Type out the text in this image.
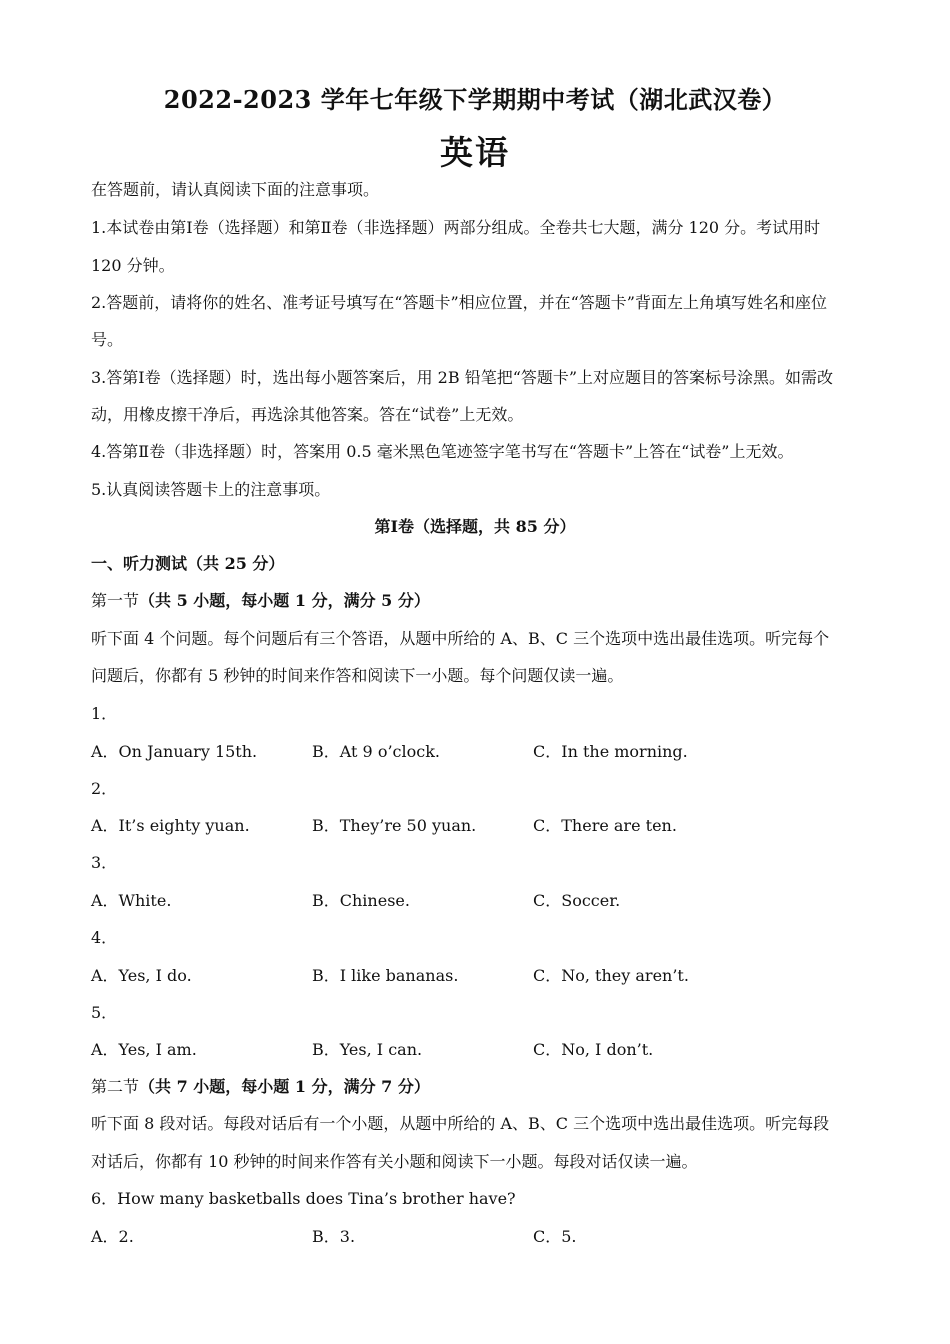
2022-2023 学年七年级下学期期中考试（湖北武汉卷）
英语
在答题前，请认真阅读下面的注意事项。
1.本试卷由第Ⅰ卷（选择题）和第Ⅱ卷（非选择题）两部分组成。全卷共七大题，满分 120 分。考试用时
120 分钟。
2.答题前，请将你的姓名、准考证号填写在“答题卡”相应位置，并在“答题卡”背面左上角填写姓名和座位
号。
3.答第Ⅰ卷（选择题）时，选出每小题答案后，用 2B 铅笔把“答题卡”上对应题目的答案标号涂黑。如需改
动，用橡皮擦干净后，再选涂其他答案。答在“试卷”上无效。
4.答第Ⅱ卷（非选择题）时，答案用 0.5 毫米黑色笔迹签字笔书写在“答题卡”上答在“试卷”上无效。
5.认真阅读答题卡上的注意事项。
第Ⅰ卷（选择题，共 85 分）
一、听力测试（共 25 分）
第一节（共 5 小题，每小题 1 分，满分 5 分）
听下面 4 个问题。每个问题后有三个答语，从题中所给的 A、B、C 三个选项中选出最佳选项。听完每个
问题后，你都有 5 秒钟的时间来作答和阅读下一小题。每个问题仅读一遍。
1．
A．On January 15th.	B．At 9 o’clock.	C．In the morning.
2．
A．It’s eighty yuan.	B．They’re 50 yuan.	C．There are ten.
3．
A．White.	B．Chinese.	C．Soccer.
4．
A．Yes, I do.	B．I like bananas.	C．No, they aren’t.
5．
A．Yes, I am.	B．Yes, I can.	C．No, I don’t.
第二节（共 7 小题，每小题 1 分，满分 7 分）
听下面 8 段对话。每段对话后有一个小题，从题中所给的 A、B、C 三个选项中选出最佳选项。听完每段
对话后，你都有 10 秒钟的时间来作答有关小题和阅读下一小题。每段对话仅读一遍。
6．How many basketballs does Tina’s brother have?
A．2.	B．3.	C．5.
